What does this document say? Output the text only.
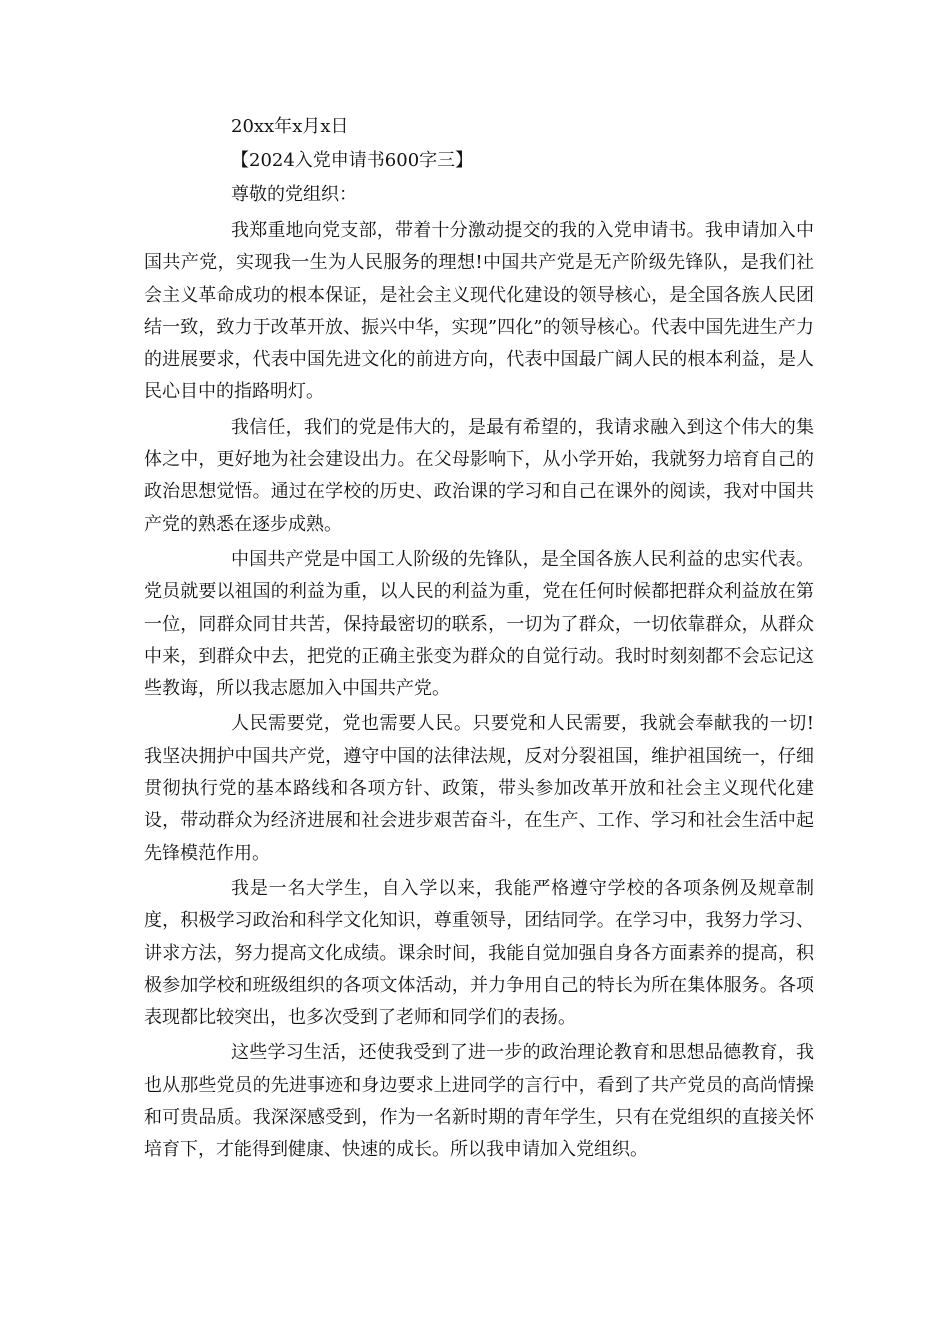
20xx年x月x日

【2024入党申请书600字三】

尊敬的党组织：

我郑重地向党支部，带着十分激动提交的我的入党申请书。我申请加入中国共产党，实现我一生为人民服务的理想!中国共产党是无产阶级先锋队，是我们社会主义革命成功的根本保证，是社会主义现代化建设的领导核心，是全国各族人民团结一致，致力于改革开放、振兴中华，实现”四化”的领导核心。代表中国先进生产力的进展要求，代表中国先进文化的前进方向，代表中国最广阔人民的根本利益，是人民心目中的指路明灯。

我信任，我们的党是伟大的，是最有希望的，我请求融入到这个伟大的集体之中，更好地为社会建设出力。在父母影响下，从小学开始，我就努力培育自己的政治思想觉悟。通过在学校的历史、政治课的学习和自己在课外的阅读，我对中国共产党的熟悉在逐步成熟。

中国共产党是中国工人阶级的先锋队，是全国各族人民利益的忠实代表。党员就要以祖国的利益为重，以人民的利益为重，党在任何时候都把群众利益放在第一位，同群众同甘共苦，保持最密切的联系，一切为了群众，一切依靠群众，从群众中来，到群众中去，把党的正确主张变为群众的自觉行动。我时时刻刻都不会忘记这些教诲，所以我志愿加入中国共产党。

人民需要党，党也需要人民。只要党和人民需要，我就会奉献我的一切!我坚决拥护中国共产党，遵守中国的法律法规，反对分裂祖国，维护祖国统一，仔细贯彻执行党的基本路线和各项方针、政策，带头参加改革开放和社会主义现代化建设，带动群众为经济进展和社会进步艰苦奋斗，在生产、工作、学习和社会生活中起先锋模范作用。

我是一名大学生，自入学以来，我能严格遵守学校的各项条例及规章制度，积极学习政治和科学文化知识，尊重领导，团结同学。在学习中，我努力学习、讲求方法，努力提高文化成绩。课余时间，我能自觉加强自身各方面素养的提高，积极参加学校和班级组织的各项文体活动，并力争用自己的特长为所在集体服务。各项表现都比较突出，也多次受到了老师和同学们的表扬。

这些学习生活，还使我受到了进一步的政治理论教育和思想品德教育，我也从那些党员的先进事迹和身边要求上进同学的言行中，看到了共产党员的高尚情操和可贵品质。我深深感受到，作为一名新时期的青年学生，只有在党组织的直接关怀培育下，才能得到健康、快速的成长。所以我申请加入党组织。
